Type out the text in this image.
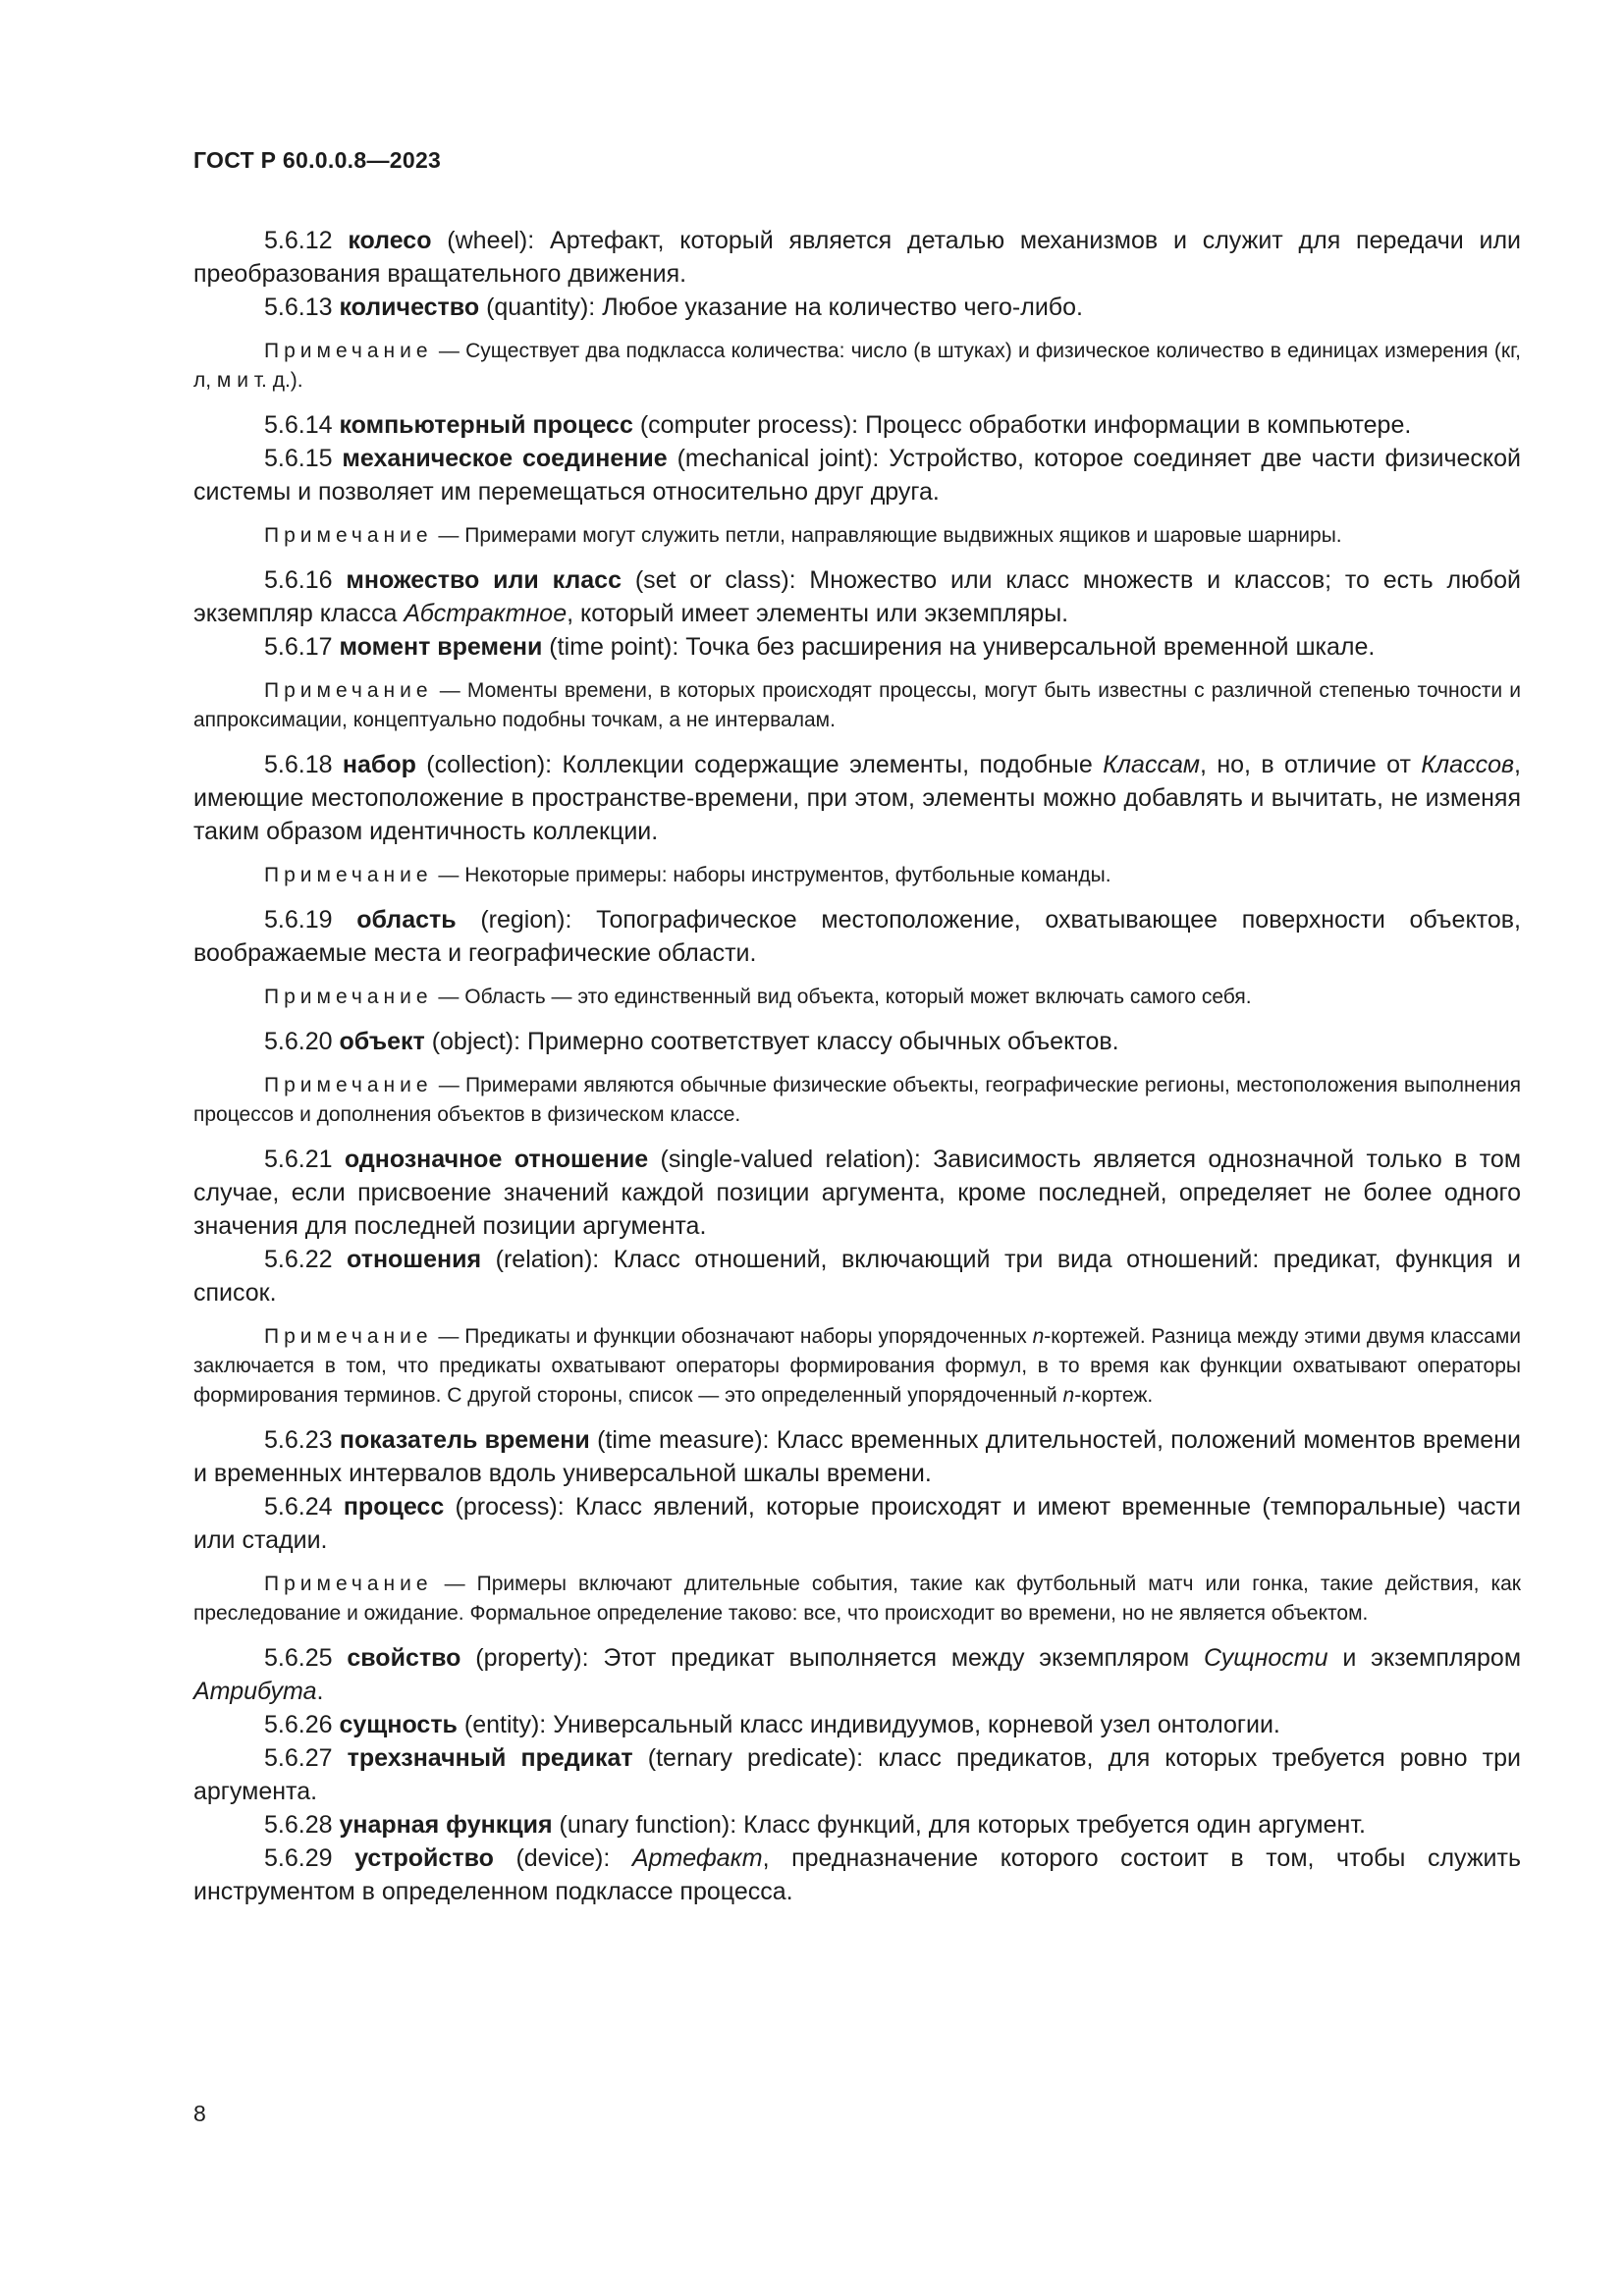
ГОСТ Р 60.0.0.8—2023

5.6.12 колесо (wheel): Артефакт, который является деталью механизмов и служит для передачи или преобразования вращательного движения.

5.6.13 количество (quantity): Любое указание на количество чего-либо.

Примечание — Существует два подкласса количества: число (в штуках) и физическое количество в единицах измерения (кг, л, м и т. д.).

5.6.14 компьютерный процесс (computer process): Процесс обработки информации в компьютере.

5.6.15 механическое соединение (mechanical joint): Устройство, которое соединяет две части физической системы и позволяет им перемещаться относительно друг друга.

Примечание — Примерами могут служить петли, направляющие выдвижных ящиков и шаровые шарниры.

5.6.16 множество или класс (set or class): Множество или класс множеств и классов; то есть любой экземпляр класса Абстрактное, который имеет элементы или экземпляры.

5.6.17 момент времени (time point): Точка без расширения на универсальной временной шкале.

Примечание — Моменты времени, в которых происходят процессы, могут быть известны с различной степенью точности и аппроксимации, концептуально подобны точкам, а не интервалам.

5.6.18 набор (collection): Коллекции содержащие элементы, подобные Классам, но, в отличие от Классов, имеющие местоположение в пространстве-времени, при этом, элементы можно добавлять и вычитать, не изменяя таким образом идентичность коллекции.

Примечание — Некоторые примеры: наборы инструментов, футбольные команды.

5.6.19 область (region): Топографическое местоположение, охватывающее поверхности объектов, воображаемые места и географические области.

Примечание — Область — это единственный вид объекта, который может включать самого себя.

5.6.20 объект (object): Примерно соответствует классу обычных объектов.

Примечание — Примерами являются обычные физические объекты, географические регионы, местоположения выполнения процессов и дополнения объектов в физическом классе.

5.6.21 однозначное отношение (single-valued relation): Зависимость является однозначной только в том случае, если присвоение значений каждой позиции аргумента, кроме последней, определяет не более одного значения для последней позиции аргумента.

5.6.22 отношения (relation): Класс отношений, включающий три вида отношений: предикат, функция и список.

Примечание — Предикаты и функции обозначают наборы упорядоченных n-кортежей. Разница между этими двумя классами заключается в том, что предикаты охватывают операторы формирования формул, в то время как функции охватывают операторы формирования терминов. С другой стороны, список — это определенный упорядоченный n-кортеж.

5.6.23 показатель времени (time measure): Класс временных длительностей, положений моментов времени и временных интервалов вдоль универсальной шкалы времени.

5.6.24 процесс (process): Класс явлений, которые происходят и имеют временные (темпоральные) части или стадии.

Примечание — Примеры включают длительные события, такие как футбольный матч или гонка, такие действия, как преследование и ожидание. Формальное определение таково: все, что происходит во времени, но не является объектом.

5.6.25 свойство (property): Этот предикат выполняется между экземпляром Сущности и экземпляром Атрибута.

5.6.26 сущность (entity): Универсальный класс индивидуумов, корневой узел онтологии.

5.6.27 трехзначный предикат (ternary predicate): класс предикатов, для которых требуется ровно три аргумента.

5.6.28 унарная функция (unary function): Класс функций, для которых требуется один аргумент.

5.6.29 устройство (device): Артефакт, предназначение которого состоит в том, чтобы служить инструментом в определенном подклассе процесса.

8
